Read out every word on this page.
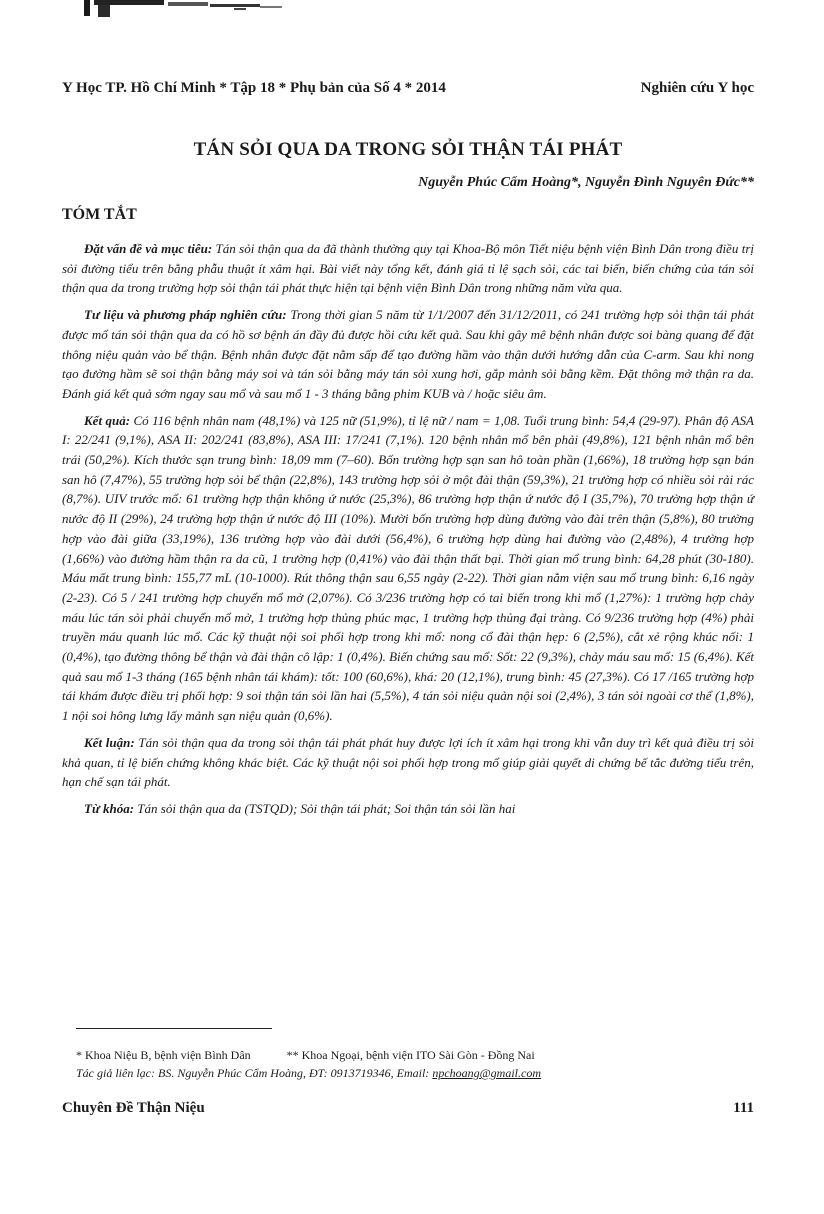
Y Học TP. Hồ Chí Minh * Tập 18 * Phụ bản của Số 4 * 2014	Nghiên cứu Y học
TÁN SỎI QUA DA TRONG SỎI THẬN TÁI PHÁT
Nguyễn Phúc Cẩm Hoàng*, Nguyễn Đình Nguyên Đức**
TÓM TẮT

Đặt vấn đề và mục tiêu: Tán sỏi thận qua da đã thành thường quy tại Khoa-Bộ môn Tiết niệu bệnh viện Bình Dân trong điều trị sỏi đường tiểu trên bằng phẫu thuật ít xâm hại. Bài viết này tổng kết, đánh giá tỉ lệ sạch sỏi, các tai biến, biến chứng của tán sỏi thận qua da trong trường hợp sỏi thận tái phát thực hiện tại bệnh viện Bình Dân trong những năm vừa qua.

Tư liệu và phương pháp nghiên cứu: Trong thời gian 5 năm từ 1/1/2007 đến 31/12/2011, có 241 trường hợp sỏi thận tái phát được mổ tán sỏi thận qua da có hồ sơ bệnh án đầy đủ được hồi cứu kết quả. Sau khi gây mê bệnh nhân được soi bàng quang để đặt thông niệu quản vào bể thận. Bệnh nhân được đặt nằm sấp để tạo đường hầm vào thận dưới hướng dẫn của C-arm. Sau khi nong tạo đường hầm sẽ soi thận bằng máy soi và tán sỏi bằng máy tán sỏi xung hơi, gắp mảnh sỏi bằng kềm. Đặt thông mở thận ra da. Đánh giá kết quả sớm ngay sau mổ và sau mổ 1 - 3 tháng bằng phim KUB và / hoặc siêu âm.

Kết quả: Có 116 bệnh nhân nam (48,1%) và 125 nữ (51,9%), tỉ lệ nữ / nam = 1,08. Tuổi trung bình: 54,4 (29-97). Phân độ ASA I: 22/241 (9,1%), ASA II: 202/241 (83,8%), ASA III: 17/241 (7,1%). 120 bệnh nhân mổ bên phải (49,8%), 121 bệnh nhân mổ bên trái (50,2%). Kích thước sạn trung bình: 18,09 mm (7–60). Bốn trường hợp sạn san hô toàn phần (1,66%), 18 trường hợp sạn bán san hô (7,47%), 55 trường hợp sỏi bể thận (22,8%), 143 trường hợp sỏi ở một đài thận (59,3%), 21 trường hợp có nhiều sỏi rải rác (8,7%). UIV trước mổ: 61 trường hợp thận không ứ nước (25,3%), 86 trường hợp thận ứ nước độ I (35,7%), 70 trường hợp thận ứ nước độ II (29%), 24 trường hợp thận ứ nước độ III (10%). Mười bốn trường hợp dùng đường vào đài trên thận (5,8%), 80 trường hợp vào đài giữa (33,19%), 136 trường hợp vào đài dưới (56,4%), 6 trường hợp dùng hai đường vào (2,48%), 4 trường hợp (1,66%) vào đường hầm thận ra da cũ, 1 trường hợp (0,41%) vào đài thận thất bại. Thời gian mổ trung bình: 64,28 phút (30-180). Máu mất trung bình: 155,77 mL (10-1000). Rút thông thận sau 6,55 ngày (2-22). Thời gian nằm viện sau mổ trung bình: 6,16 ngày (2-23). Có 5 / 241 trường hợp chuyển mổ mở (2,07%). Có 3/236 trường hợp có tai biến trong khi mổ (1,27%): 1 trường hợp chảy máu lúc tán sỏi phải chuyển mổ mở, 1 trường hợp thủng phúc mạc, 1 trường hợp thủng đại tràng. Có 9/236 trường hợp (4%) phải truyền máu quanh lúc mổ. Các kỹ thuật nội soi phối hợp trong khi mổ: nong cổ đài thận hẹp: 6 (2,5%), cắt xẻ rộng khúc nối: 1 (0,4%), tạo đường thông bể thận và đài thận cô lập: 1 (0,4%). Biến chứng sau mổ: Sốt: 22 (9,3%), chảy máu sau mổ: 15 (6,4%). Kết quả sau mổ 1-3 tháng (165 bệnh nhân tái khám): tốt: 100 (60,6%), khá: 20 (12,1%), trung bình: 45 (27,3%). Có 17 /165 trường hợp tái khám được điều trị phối hợp: 9 soi thận tán sỏi lần hai (5,5%), 4 tán sỏi niệu quản nội soi (2,4%), 3 tán sỏi ngoài cơ thể (1,8%), 1 nội soi hông lưng lấy mảnh sạn niệu quản (0,6%).

Kết luận: Tán sỏi thận qua da trong sỏi thận tái phát phát huy được lợi ích ít xâm hại trong khi vẫn duy trì kết quả điều trị sỏi khả quan, tỉ lệ biến chứng không khác biệt. Các kỹ thuật nội soi phối hợp trong mổ giúp giải quyết di chứng bế tắc đường tiểu trên, hạn chế sạn tái phát.

Từ khóa: Tán sỏi thận qua da (TSTQD); Sỏi thận tái phát; Soi thận tán sỏi lần hai

* Khoa Niệu B, bệnh viện Bình Dân	** Khoa Ngoại, bệnh viện ITO Sài Gòn - Đồng Nai
Tác giả liên lạc: BS. Nguyễn Phúc Cẩm Hoàng, ĐT: 0913719346, Email: npchoang@gmail.com
Chuyên Đề Thận Niệu	111
